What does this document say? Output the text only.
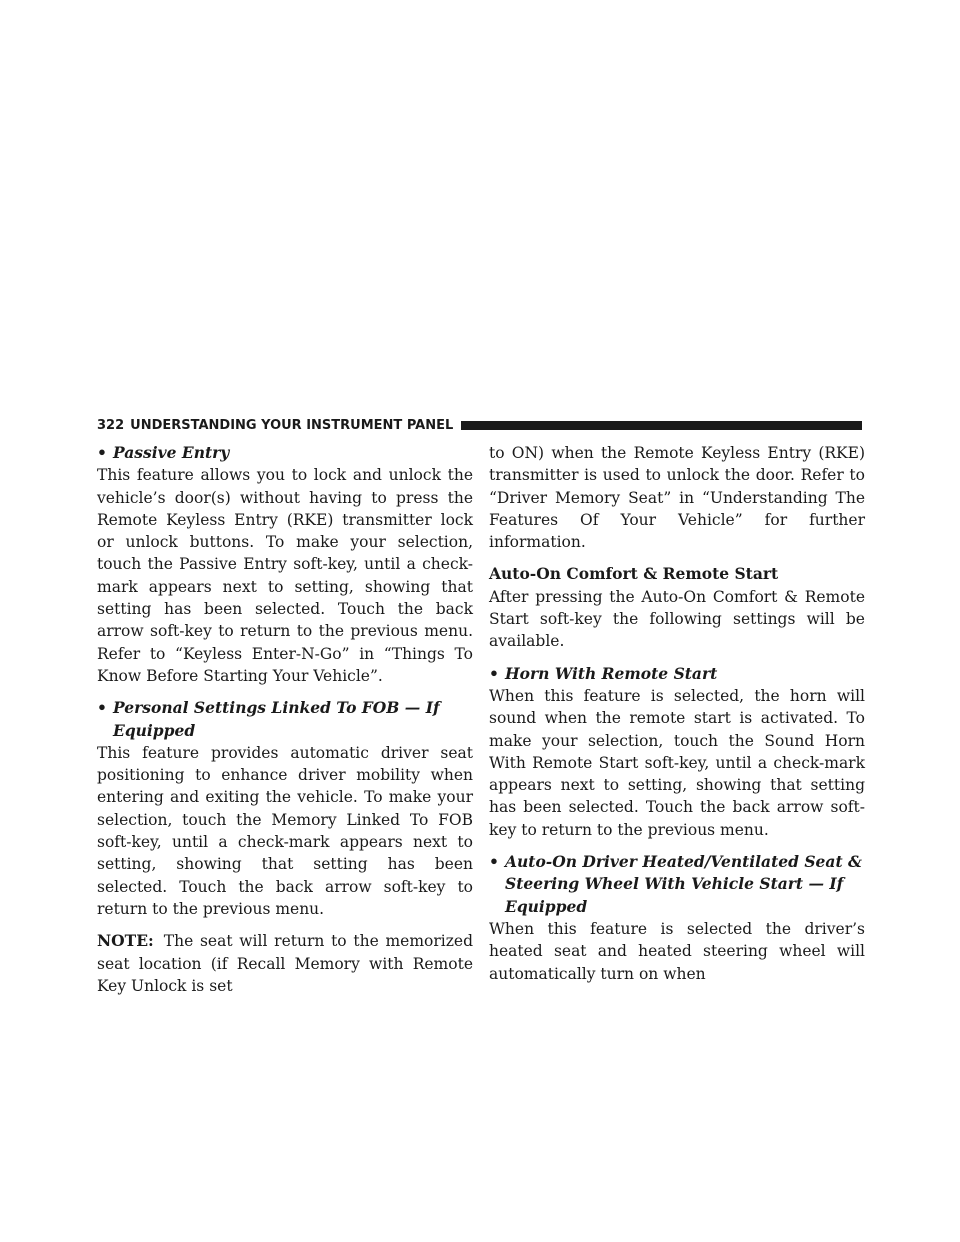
322 UNDERSTANDING YOUR INSTRUMENT PANEL

• Passive Entry

This feature allows you to lock and unlock the vehicle’s door(s) without having to press the Remote Keyless Entry (RKE) transmitter lock or unlock buttons. To make your selection, touch the Passive Entry soft-key, until a check-mark appears next to setting, showing that setting has been selected. Touch the back arrow soft-key to return to the previous menu. Refer to “Keyless Enter-N-Go” in “Things To Know Before Starting Your Vehicle”.

• Personal Settings Linked To FOB — If Equipped

This feature provides automatic driver seat positioning to enhance driver mobility when entering and exiting the vehicle. To make your selection, touch the Memory Linked To FOB soft-key, until a check-mark appears next to setting, showing that setting has been selected. Touch the back arrow soft-key to return to the previous menu.

NOTE: The seat will return to the memorized seat location (if Recall Memory with Remote Key Unlock is set

to ON) when the Remote Keyless Entry (RKE) transmitter is used to unlock the door. Refer to “Driver Memory Seat” in “Understanding The Features Of Your Vehicle” for further information.

Auto-On Comfort & Remote Start

After pressing the Auto-On Comfort & Remote Start soft-key the following settings will be available.

• Horn With Remote Start

When this feature is selected, the horn will sound when the remote start is activated. To make your selection, touch the Sound Horn With Remote Start soft-key, until a check-mark appears next to setting, showing that setting has been selected. Touch the back arrow soft-key to return to the previous menu.

• Auto-On Driver Heated/Ventilated Seat & Steering Wheel With Vehicle Start — If Equipped

When this feature is selected the driver’s heated seat and heated steering wheel will automatically turn on when
